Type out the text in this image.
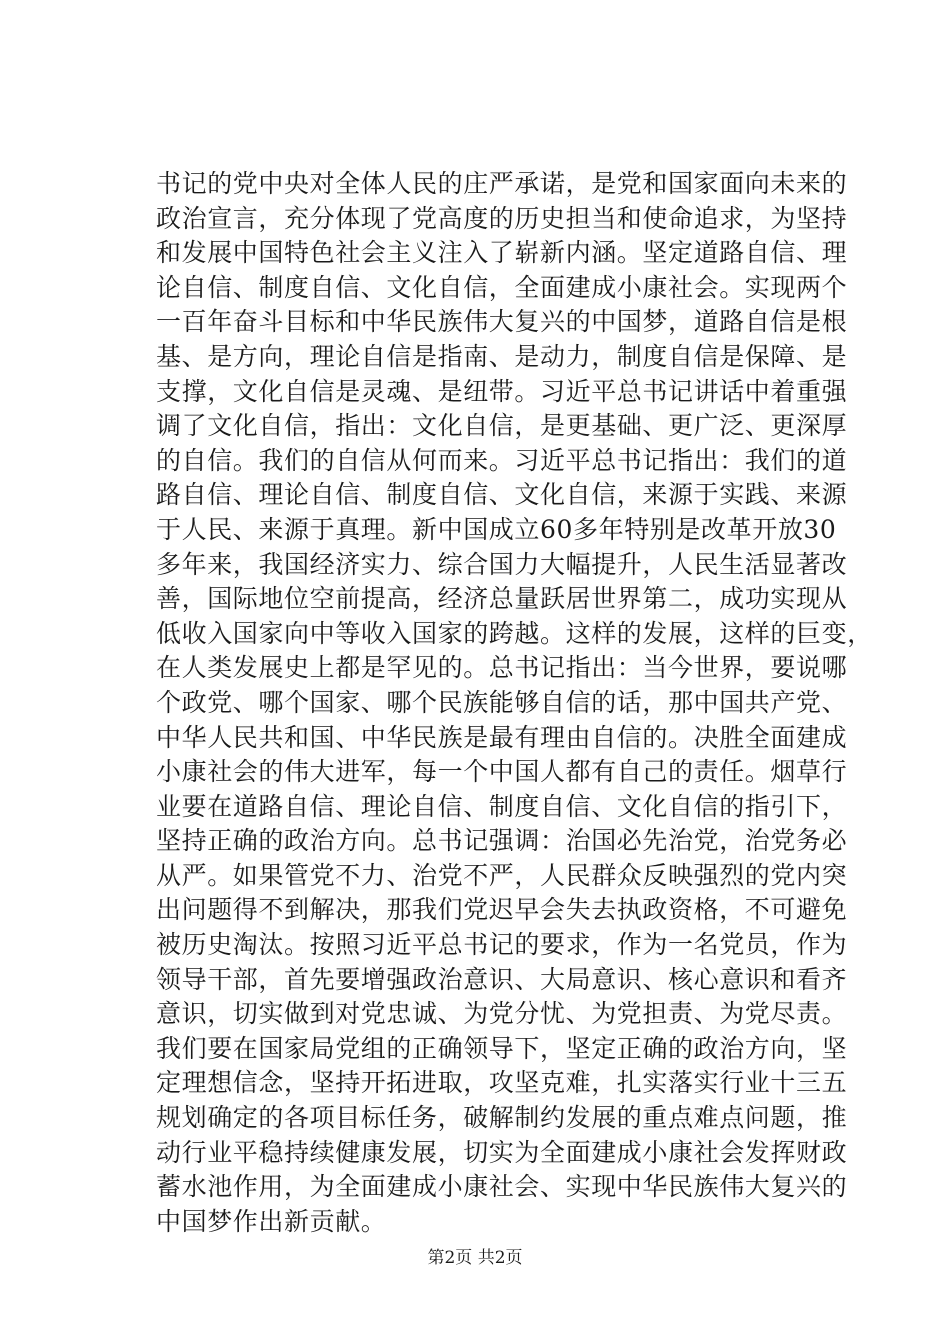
书记的党中央对全体人民的庄严承诺，是党和国家面向未来的
政治宣言，充分体现了党高度的历史担当和使命追求，为坚持
和发展中国特色社会主义注入了崭新内涵。坚定道路自信、理
论自信、制度自信、文化自信，全面建成小康社会。实现两个
一百年奋斗目标和中华民族伟大复兴的中国梦，道路自信是根
基、是方向，理论自信是指南、是动力，制度自信是保障、是
支撑，文化自信是灵魂、是纽带。习近平总书记讲话中着重强
调了文化自信，指出：文化自信，是更基础、更广泛、更深厚
的自信。我们的自信从何而来。习近平总书记指出：我们的道
路自信、理论自信、制度自信、文化自信，来源于实践、来源
于人民、来源于真理。新中国成立60多年特别是改革开放30
多年来，我国经济实力、综合国力大幅提升，人民生活显著改
善，国际地位空前提高，经济总量跃居世界第二，成功实现从
低收入国家向中等收入国家的跨越。这样的发展，这样的巨变，
在人类发展史上都是罕见的。总书记指出：当今世界，要说哪
个政党、哪个国家、哪个民族能够自信的话，那中国共产党、
中华人民共和国、中华民族是最有理由自信的。决胜全面建成
小康社会的伟大进军，每一个中国人都有自己的责任。烟草行
业要在道路自信、理论自信、制度自信、文化自信的指引下，
坚持正确的政治方向。总书记强调：治国必先治党，治党务必
从严。如果管党不力、治党不严，人民群众反映强烈的党内突
出问题得不到解决，那我们党迟早会失去执政资格，不可避免
被历史淘汰。按照习近平总书记的要求，作为一名党员，作为
领导干部，首先要增强政治意识、大局意识、核心意识和看齐
意识，切实做到对党忠诚、为党分忧、为党担责、为党尽责。
我们要在国家局党组的正确领导下，坚定正确的政治方向，坚
定理想信念，坚持开拓进取，攻坚克难，扎实落实行业十三五
规划确定的各项目标任务，破解制约发展的重点难点问题，推
动行业平稳持续健康发展，切实为全面建成小康社会发挥财政
蓄水池作用，为全面建成小康社会、实现中华民族伟大复兴的
中国梦作出新贡献。
第2页 共2页
